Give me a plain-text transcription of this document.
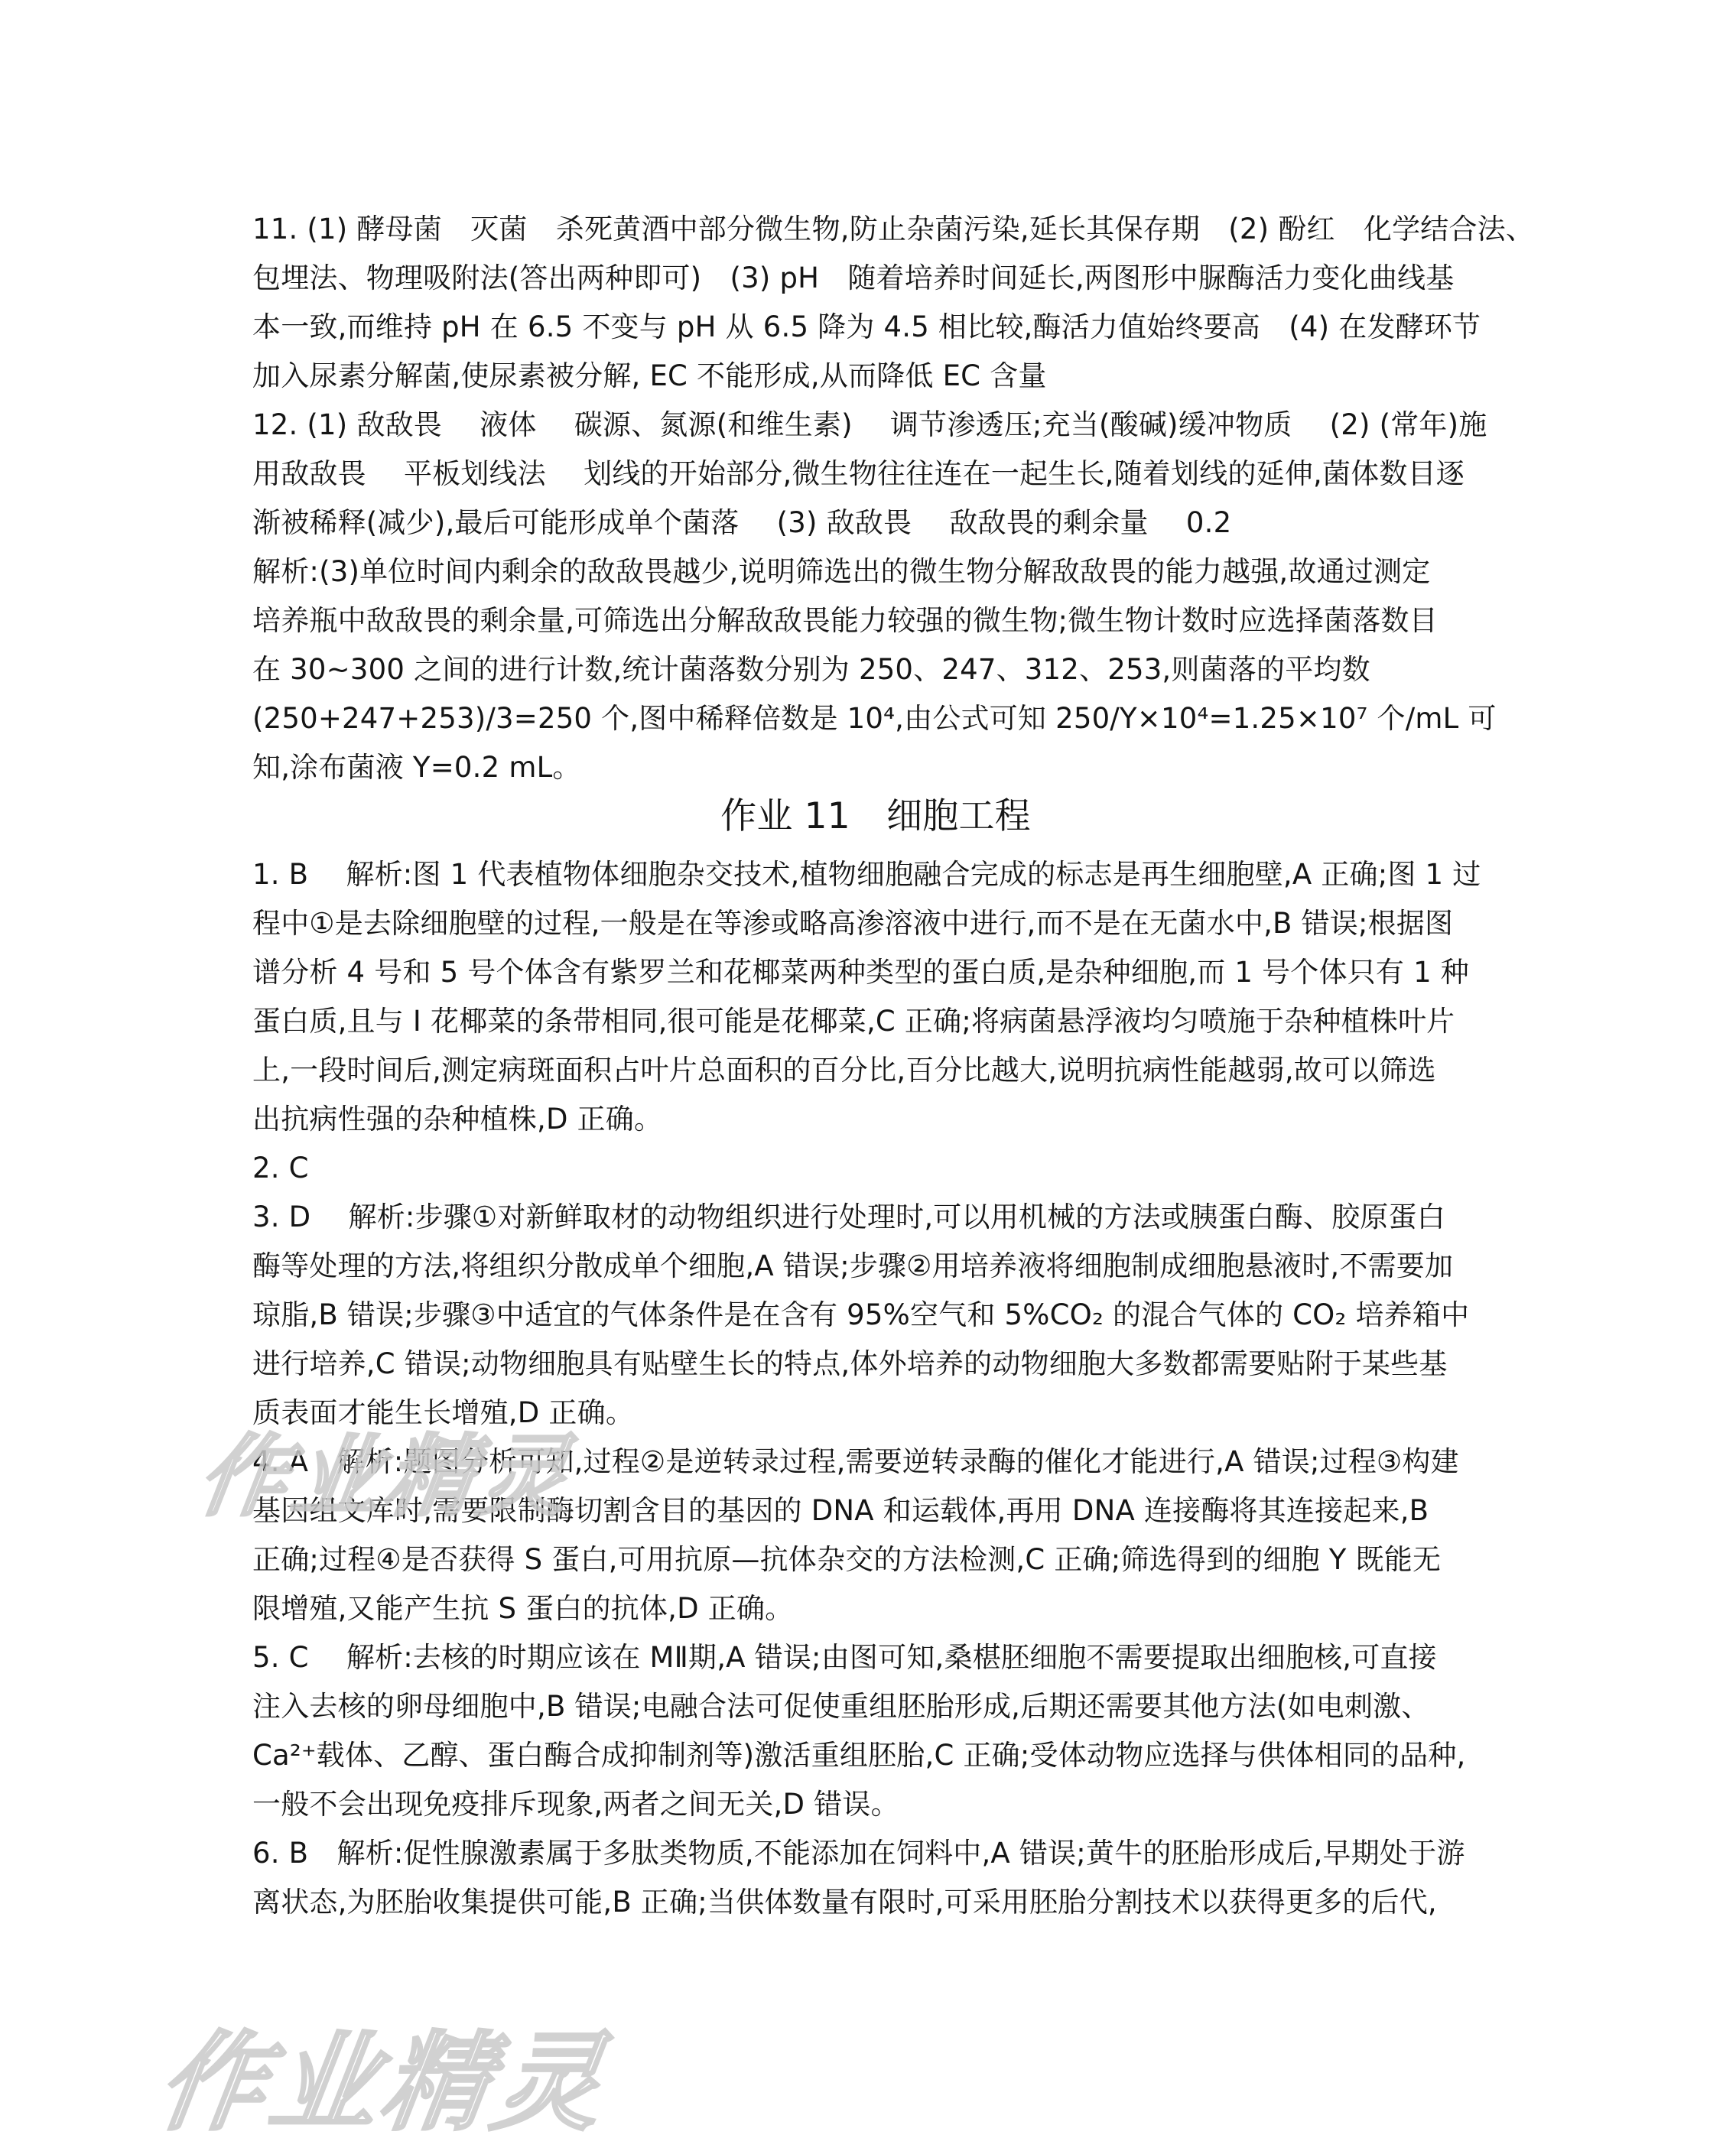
11. (1) 酵母菌 灭菌 杀死黄酒中部分微生物,防止杂菌污染,延长其保存期 (2) 酚红 化学结合法、
包埋法、物理吸附法(答出两种即可) (3) pH 随着培养时间延长,两图形中脲酶活力变化曲线基
本一致,而维持 pH 在 6.5 不变与 pH 从 6.5 降为 4.5 相比较,酶活力值始终要高 (4) 在发酵环节
加入尿素分解菌,使尿素被分解, EC 不能形成,从而降低 EC 含量
12. (1) 敌敌畏  液体  碳源、氮源(和维生素)  调节渗透压;充当(酸碱)缓冲物质  (2) (常年)施
用敌敌畏  平板划线法  划线的开始部分,微生物往往连在一起生长,随着划线的延伸,菌体数目逐
渐被稀释(减少),最后可能形成单个菌落  (3) 敌敌畏  敌敌畏的剩余量  0.2
解析:(3)单位时间内剩余的敌敌畏越少,说明筛选出的微生物分解敌敌畏的能力越强,故通过测定
培养瓶中敌敌畏的剩余量,可筛选出分解敌敌畏能力较强的微生物;微生物计数时应选择菌落数目
在 30~300 之间的进行计数,统计菌落数分别为 250、247、312、253,则菌落的平均数
(250+247+253)/3=250 个,图中稀释倍数是 10⁴,由公式可知 250/Y×10⁴=1.25×10⁷ 个/mL 可
知,涂布菌液 Y=0.2 mL。
作业 11 细胞工程
1. B  解析:图 1 代表植物体细胞杂交技术,植物细胞融合完成的标志是再生细胞壁,A 正确;图 1 过
程中①是去除细胞壁的过程,一般是在等渗或略高渗溶液中进行,而不是在无菌水中,B 错误;根据图
谱分析 4 号和 5 号个体含有紫罗兰和花椰菜两种类型的蛋白质,是杂种细胞,而 1 号个体只有 1 种
蛋白质,且与 I 花椰菜的条带相同,很可能是花椰菜,C 正确;将病菌悬浮液均匀喷施于杂种植株叶片
上,一段时间后,测定病斑面积占叶片总面积的百分比,百分比越大,说明抗病性能越弱,故可以筛选
出抗病性强的杂种植株,D 正确。
2. C
3. D  解析:步骤①对新鲜取材的动物组织进行处理时,可以用机械的方法或胰蛋白酶、胶原蛋白
酶等处理的方法,将组织分散成单个细胞,A 错误;步骤②用培养液将细胞制成细胞悬液时,不需要加
琼脂,B 错误;步骤③中适宜的气体条件是在含有 95%空气和 5%CO₂ 的混合气体的 CO₂ 培养箱中
进行培养,C 错误;动物细胞具有贴壁生长的特点,体外培养的动物细胞大多数都需要贴附于某些基
质表面才能生长增殖,D 正确。
4. A 解析:题图分析可知,过程②是逆转录过程,需要逆转录酶的催化才能进行,A 错误;过程③构建
基因组文库时,需要限制酶切割含目的基因的 DNA 和运载体,再用 DNA 连接酶将其连接起来,B
正确;过程④是否获得 S 蛋白,可用抗原—抗体杂交的方法检测,C 正确;筛选得到的细胞 Y 既能无
限增殖,又能产生抗 S 蛋白的抗体,D 正确。
5. C  解析:去核的时期应该在 MⅡ期,A 错误;由图可知,桑椹胚细胞不需要提取出细胞核,可直接
注入去核的卵母细胞中,B 错误;电融合法可促使重组胚胎形成,后期还需要其他方法(如电刺激、
Ca²⁺载体、乙醇、蛋白酶合成抑制剂等)激活重组胚胎,C 正确;受体动物应选择与供体相同的品种,
一般不会出现免疫排斥现象,两者之间无关,D 错误。
6. B 解析:促性腺激素属于多肽类物质,不能添加在饲料中,A 错误;黄牛的胚胎形成后,早期处于游
离状态,为胚胎收集提供可能,B 正确;当供体数量有限时,可采用胚胎分割技术以获得更多的后代,
作业精灵
作业精灵
